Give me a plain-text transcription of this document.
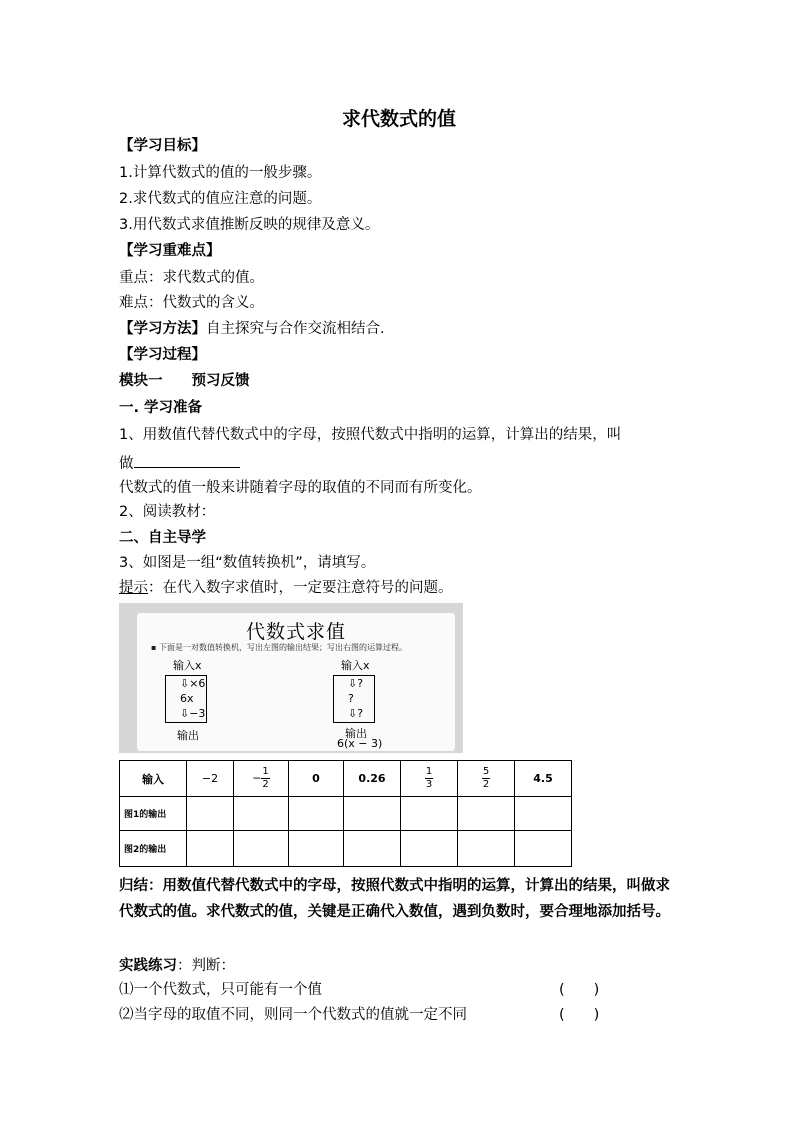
求代数式的值
【学习目标】
1.计算代数式的值的一般步骤。
2.求代数式的值应注意的问题。
3.用代数式求值推断反映的规律及意义。
【学习重难点】
重点：求代数式的值。
难点：代数式的含义。
【学习方法】自主探究与合作交流相结合.
【学习过程】
模块一　　预习反馈
一. 学习准备
1、用数值代替代数式中的字母，按照代数式中指明的运算，计算出的结果，叫
做
代数式的值一般来讲随着字母的取值的不同而有所变化。
2、阅读教材：
二、自主导学
3、如图是一组“数值转换机”，请填写。
提示：在代入数字求值时，一定要注意符号的问题。
代数式求值
▪ 下面是一对数值转换机，写出左图的输出结果；写出右图的运算过程。
输入x
⇩×6
6x
⇩−3
输出
输入x
⇩?
?
⇩?
输出
6(x − 3)
输入	−2	− $\frac{1}{2}$	0	0.26	$\frac{1}{3}$	$\frac{5}{2}$	4.5
图1的输出							
图2的输出							
归结：用数值代替代数式中的字母，按照代数式中指明的运算，计算出的结果，叫做求代数式的值。求代数式的值，关键是正确代入数值，遇到负数时，要合理地添加括号。
实践练习：判断：
⑴一个代数式，只可能有一个值	(　　)
⑵当字母的取值不同，则同一个代数式的值就一定不同	(　　)
